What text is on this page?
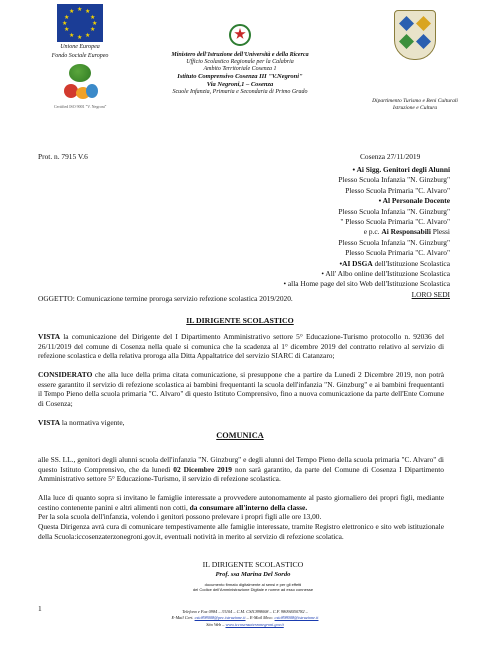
★ ★
★
★
★
★
★
★
★
★
★
★
Unione Europea
Fondo Sociale Europeo
Certified ISO 9001 "V. Negroni"
Ministero dell'Istruzione dell'Università e della Ricerca
Ufficio Scolastico Regionale per la Calabria
Ambito Territoriale Cosenza 1
Istituto Comprensivo Cosenza III "V.Negroni"
Via Negroni,1 – Cosenza
Scuole Infanzia, Primaria e Secondaria di Primo Grado
Dipartimento Turismo e Beni Culturali
Istruzione e Cultura
Prot. n. 7915 V.6	Cosenza 27/11/2019
• Ai Sigg. Genitori degli Alunni
Plesso Scuola Infanzia "N. Ginzburg"
Plesso Scuola Primaria "C. Alvaro"
• Al Personale Docente
Plesso Scuola Infanzia "N. Ginzburg"
" Plesso Scuola Primaria "C. Alvaro"
e p.c. Ai Responsabili Plessi
Plesso Scuola Infanzia "N. Ginzburg"
Plesso Scuola Primaria "C. Alvaro"
•AI DSGA dell'Istituzione Scolastica
• All' Albo online dell'Istituzione Scolastica
• alla Home page del sito Web dell'Istituzione Scolastica
LORO SEDI
OGGETTO: Comunicazione termine proroga servizio refezione scolastica 2019/2020.
IL DIRIGENTE SCOLASTICO
VISTA la comunicazione del Dirigente del I Dipartimento Amministrativo settore 5° Educazione-Turismo protocollo n. 92036 del 26/11/2019 del comune di Cosenza nella quale si comunica che la scadenza al 1° dicembre 2019 del contratto relativo al servizio di refezione scolastica e della relativa proroga alla Ditta Appaltatrice del servizio SIARC di Catanzaro;
CONSIDERATO che alla luce della prima citata comunicazione, si presuppone che a partire da Lunedì 2 Dicembre 2019, non potrà essere garantito il servizio di refezione scolastica ai bambini frequentanti la scuola dell'infanzia "N. Ginzburg" e ai bambini frequentanti il Tempo Pieno della scuola primaria "C. Alvaro" di questo Istituto Comprensivo, fino a nuova comunicazione da parte dell'Ente Comune di Cosenza;
VISTA la normativa vigente,
COMUNICA
alle SS. LL., genitori degli alunni scuola dell'infanzia "N. Ginzburg" e degli alunni del Tempo Pieno della scuola primaria "C. Alvaro" di questo Istituto Comprensivo, che da lunedì 02 Dicembre 2019 non sarà garantito, da parte del Comune di Cosenza I Dipartimento Amministrativo settore 5° Educazione-Turismo, il servizio di refezione scolastica.
Alla luce di quanto sopra si invitano le famiglie interessate a provvedere autonomamente al pasto giornaliero dei propri figli, mediante cestino contenente panini e altri alimenti non cotti, da consumare all'interno della classe.
Per la sola scuola dell'infanzia, volendo i genitori possono prelevare i propri figli alle ore 13,00.
Questa Dirigenza avrà cura di comunicare tempestivamente alle famiglie interessate, tramite Registro elettronico e sito web istituzionale della Scuola:iccosenzaterzonegroni.gov.it, eventuali notività in merito al servizio di refezione scolatica.
IL DIRIGENTE SCOLASTICO
Prof. ssa Marina Del Sordo
documento firmato digitalmente ai sensi e per gli effetti
del Codice dell'Amministrazione Digitale e norme ad esso connesse
1	Telefono e Fax 0984 – 33104 – C.M. CSIC898008 – C.F. 98094050782 –
E-Mail Cert. csic898008@pec.istruzione.it – E-Mail Mecc. csic898008@istruzione.it
Sito Web – www.iccosenzaterzonegroni.gov.it
